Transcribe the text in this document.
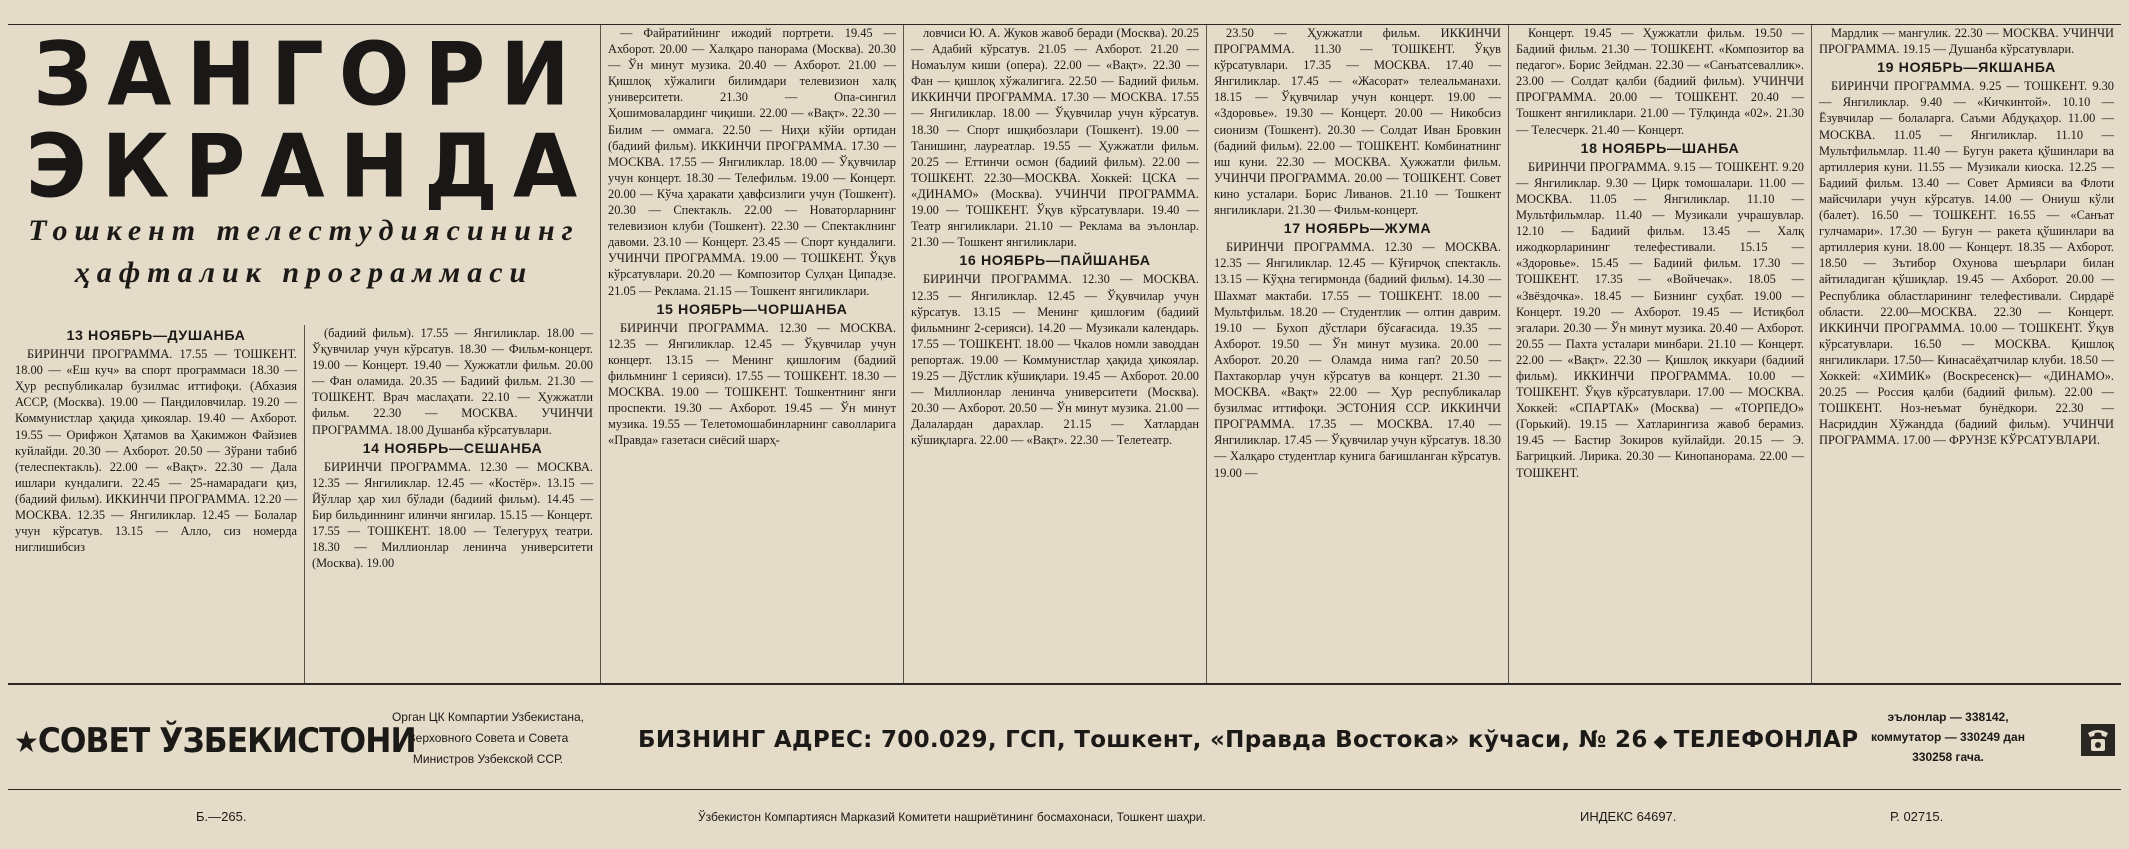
ЗАНГОРИ
ЭКРАНДА
Тошкент телестудиясининг
ҳафталик программаси

13 НОЯБРЬ—ДУШАНБА

БИРИНЧИ ПРОГРАММА. 17.55 — ТОШКЕНТ. 18.00 — «Еш куч» ва спорт программаси 18.30 — Ҳур республикалар бузилмас иттифоқи. (Абхазия АССР, (Москва). 19.00 — Пандиловчилар. 19.20 — Коммунистлар ҳақида ҳикоялар. 19.40 — Ахборот. 19.55 — Орифжон Ҳатамов ва Ҳакимжон Файзиев куйлайди. 20.30 — Ахборот. 20.50 — Зўрани табиб (телеспектакль). 22.00 — «Вақт». 22.30 — Дала ишлари кундалиги. 22.45 — 25-намарадаги қиз, (бадиий фильм). ИККИНЧИ ПРОГРАММА. 12.20 — МОСКВА. 12.35 — Янгиликлар. 12.45 — Болалар учун кўрсатув. 13.15 — Алло, сиз номерда ниглишибсиз

(бадиий фильм). 17.55 — Янгиликлар. 18.00 — Ўқувчилар учун кўрсатув. 18.30 — Фильм-концерт. 19.00 — Концерт. 19.40 — Хужжатли фильм. 20.00 — Фан оламида. 20.35 — Бадиий фильм. 21.30 — ТОШКЕНТ. Врач маслаҳати. 22.10 — Ҳужжатли фильм. 22.30 — МОСКВА. УЧИНЧИ ПРОГРАММА. 18.00 Душанба кўрсатувлари.

14 НОЯБРЬ—СЕШАНБА

БИРИНЧИ ПРОГРАММА. 12.30 — МОСКВА. 12.35 — Янгиликлар. 12.45 — «Костёр». 13.15 — Йўллар ҳар хил бўлади (бадиий фильм). 14.45 — Бир бильдиннинг илинчи янгилар. 15.15 — Концерт. 17.55 — ТОШКЕНТ. 18.00 — Телегуруҳ театри. 18.30 — Миллионлар ленинча университети (Москва). 19.00

— Файратийнинг ижодий портрети. 19.45 — Ахборот. 20.00 — Халқаро панорама (Москва). 20.30 — Ўн минут музика. 20.40 — Ахборот. 21.00 — Қишлоқ хўжалиги билимдари телевизион халқ университети. 21.30 — Опа-сингил Ҳошимовалардинг чиқиши. 22.00 — «Вақт». 22.30 — Билим — оммага. 22.50 — Ниҳи кўйи ортидан (бадиий фильм). ИККИНЧИ ПРОГРАММА. 17.30 — МОСКВА. 17.55 — Янгиликлар. 18.00 — Ўқувчилар учун концерт. 18.30 — Телефильм. 19.00 — Концерт. 20.00 — Кўча ҳаракати ҳавфсизлиги учун (Тошкент). 20.30 — Спектакль. 22.00 — Новаторларнинг телевизион клуби (Тошкент). 22.30 — Спектаклнинг давоми. 23.10 — Концерт. 23.45 — Спорт кундалиги. УЧИНЧИ ПРОГРАММА. 19.00 — ТОШКЕНТ. Ўқув кўрсатувлари. 20.20 — Композитор Сулҳан Ципадзе. 21.05 — Реклама. 21.15 — Тошкент янгиликлари.

15 НОЯБРЬ—ЧОРШАНБА

БИРИНЧИ ПРОГРАММА. 12.30 — МОСКВА. 12.35 — Янгиликлар. 12.45 — Ўқувчилар учун концерт. 13.15 — Менинг қишлоғим (бадиий фильмнинг 1 серияси). 17.55 — ТОШКЕНТ. 18.30 — МОСКВА. 19.00 — ТОШКЕНТ. Тошкентнинг янги проспекти. 19.30 — Ахборот. 19.45 — Ўн минут музика. 19.55 — Телетомошабинларнинг саволларига «Правда» газетаси сиёсий шарҳ-

ловчиси Ю. А. Жуков жавоб беради (Москва). 20.25 — Адабий кўрсатув. 21.05 — Ахборот. 21.20 — Номаълум киши (опера). 22.00 — «Вақт». 22.30 — Фан — қишлоқ хўжалигига. 22.50 — Бадиий фильм. ИККИНЧИ ПРОГРАММА. 17.30 — МОСКВА. 17.55 — Янгиликлар. 18.00 — Ўқувчилар учун кўрсатув. 18.30 — Спорт ишқибозлари (Тошкент). 19.00 — Танишинг, лауреатлар. 19.55 — Ҳужжатли фильм. 20.25 — Еттинчи осмон (бадиий фильм). 22.00 — ТОШКЕНТ. 22.30—МОСКВА. Хоккей: ЦСКА — «ДИНАМО» (Москва). УЧИНЧИ ПРОГРАММА. 19.00 — ТОШКЕНТ. Ўқув кўрсатувлари. 19.40 — Театр янгиликлари. 21.10 — Реклама ва эълонлар. 21.30 — Тошкент янгиликлари.

16 НОЯБРЬ—ПАЙШАНБА

БИРИНЧИ ПРОГРАММА. 12.30 — МОСКВА. 12.35 — Янгиликлар. 12.45 — Ўқувчилар учун кўрсатув. 13.15 — Менинг қишлоғим (бадиий фильмнинг 2-серияси). 14.20 — Музикали календарь. 17.55 — ТОШКЕНТ. 18.00 — Чкалов номли заводдан репортаж. 19.00 — Коммунистлар ҳақида ҳикоялар. 19.25 — Дўстлик кўшиқлари. 19.45 — Ахборот. 20.00 — Миллионлар ленинча университети (Москва). 20.30 — Ахборот. 20.50 — Ўн минут музика. 21.00 — Далалардан дарахлар. 21.15 — Хатлардан кўшиқларга. 22.00 — «Вақт». 22.30 — Телетеатр.

23.50 — Ҳужжатли фильм. ИККИНЧИ ПРОГРАММА. 11.30 — ТОШКЕНТ. Ўқув кўрсатувлари. 17.35 — МОСКВА. 17.40 — Янгиликлар. 17.45 — «Жасорат» телеальманахи. 18.15 — Ўқувчилар учун концерт. 19.00 — «Здоровье». 19.30 — Концерт. 20.00 — Никобсиз сионизм (Тошкент). 20.30 — Солдат Иван Бровкин (бадиий фильм). 22.00 — ТОШКЕНТ. Комбинатнинг иш куни. 22.30 — МОСКВА. Ҳужжатли фильм. УЧИНЧИ ПРОГРАММА. 20.00 — ТОШКЕНТ. Совет кино усталари. Борис Ливанов. 21.10 — Тошкент янгиликлари. 21.30 — Фильм-концерт.

17 НОЯБРЬ—ЖУМА

БИРИНЧИ ПРОГРАММА. 12.30 — МОСКВА. 12.35 — Янгиликлар. 12.45 — Кўғирчоқ спектакль. 13.15 — Кўҳна тегирмонда (бадиий фильм). 14.30 — Шахмат мактаби. 17.55 — ТОШКЕНТ. 18.00 — Мультфильм. 18.20 — Студентлик — олтин даврим. 19.10 — Бухоп дўстлари бўсағасида. 19.35 — Ахборот. 19.50 — Ўн минут музика. 20.00 — Ахборот. 20.20 — Оламда нима гап? 20.50 — Пахтакорлар учун кўрсатув ва концерт. 21.30 — МОСКВА. «Вақт» 22.00 — Ҳур республикалар бузилмас иттифоқи. ЭСТОНИЯ ССР. ИККИНЧИ ПРОГРАММА. 17.35 — МОСКВА. 17.40 — Янгиликлар. 17.45 — Ўқувчилар учун кўрсатув. 18.30 — Халқаро студентлар кунига бағишланган кўрсатув. 19.00 —

Концерт. 19.45 — Ҳужжатли фильм. 19.50 — Бадиий фильм. 21.30 — ТОШКЕНТ. «Композитор ва педагог». Борис Зейдман. 22.30 — «Санъатсеваллик». 23.00 — Солдат қалби (бадиий фильм). УЧИНЧИ ПРОГРАММА. 20.00 — ТОШКЕНТ. 20.40 — Тошкент янгиликлари. 21.00 — Тўлқинда «02». 21.30 — Телесчерк. 21.40 — Концерт.

18 НОЯБРЬ—ШАНБА

БИРИНЧИ ПРОГРАММА. 9.15 — ТОШКЕНТ. 9.20 — Янгиликлар. 9.30 — Цирк томошалари. 11.00 — МОСКВА. 11.05 — Янгиликлар. 11.10 — Мультфильмлар. 11.40 — Музикали учрашувлар. 12.10 — Бадиий фильм. 13.45 — Халқ ижодкорларининг телефестивали. 15.15 — «Здоровье». 15.45 — Бадиий фильм. 17.30 — ТОШКЕНТ. 17.35 — «Войчечак». 18.05 — «Звёздочка». 18.45 — Бизнинг суҳбат. 19.00 — Концерт. 19.20 — Ахборот. 19.45 — Истиқбол эгалари. 20.30 — Ўн минут музика. 20.40 — Ахборот. 20.55 — Пахта усталари минбари. 21.10 — Концерт. 22.00 — «Вақт». 22.30 — Қишлоқ иккуари (бадиий фильм). ИККИНЧИ ПРОГРАММА. 10.00 — ТОШКЕНТ. Ўқув кўрсатувлари. 17.00 — МОСКВА. Хоккей: «СПАРТАК» (Москва) — «ТОРПЕДО» (Горький). 19.15 — Хатларингиза жавоб берамиз. 19.45 — Бастир Зокиров куйлайди. 20.15 — Э. Багрицкий. Лирика. 20.30 — Кинопанорама. 22.00 — ТОШКЕНТ.

Мардлик — мангулик. 22.30 — МОСКВА. УЧИНЧИ ПРОГРАММА. 19.15 — Душанба кўрсатувлари.

19 НОЯБРЬ—ЯКШАНБА

БИРИНЧИ ПРОГРАММА. 9.25 — ТОШКЕНТ. 9.30 — Янгиликлар. 9.40 — «Кичкинтой». 10.10 — Ёзувчилар — болаларга. Саъми Абдуқаҳор. 11.00 — МОСКВА. 11.05 — Янгиликлар. 11.10 — Мультфильмлар. 11.40 — Бугун ракета қўшинлари ва артиллерия куни. 11.55 — Музикали киоска. 12.25 — Бадиий фильм. 13.40 — Совет Армияси ва Флоти майсчилари учун кўрсатув. 14.00 — Ониуш кўли (балет). 16.50 — ТОШКЕНТ. 16.55 — «Санъат гулчамари». 17.30 — Бугун — ракета қўшинлари ва артиллерия куни. 18.00 — Концерт. 18.35 — Ахборот. 18.50 — Зътибор Охунова шеърлари билан айтиладиган қўшиқлар. 19.45 — Ахборот. 20.00 — Республика областларининг телефестивали. Сирдарё области. 22.00—МОСКВА. 22.30 — Концерт. ИККИНЧИ ПРОГРАММА. 10.00 — ТОШКЕНТ. Ўқув кўрсатувлари. 16.50 — МОСКВА. Қишлоқ янгиликлари. 17.50— Кинасаёҳатчилар клуби. 18.50 — Хоккей: «ХИМИК» (Воскресенск)— «ДИНАМО». 20.25 — Россия қалби (бадиий фильм). 22.00 — ТОШКЕНТ. Ноз-неъмат бунёдкори. 22.30 — Насриддин Хўжандда (бадиий фильм). УЧИНЧИ ПРОГРАММА. 17.00 — ФРУНЗЕ КЎРСАТУВЛАРИ.

★СОВЕТ ЎЗБЕКИСТОНИ
Орган ЦК Компартии Узбекистана,
Верховного Совета и Совета
Министров Узбекской ССР.
БИЗНИНГ АДРЕС: 700.029, ГСП, Тошкент, «Правда Востока» кўчаси, № 26 ◆ ТЕЛЕФОНЛАР
эълонлар — 338142,
коммутатор — 330249 дан
330258 гача.
Б.—265.	Ўзбекистон Компартиясн Марказий Комитети нашриётининг босмахонаси, Тошкент шаҳри.	ИНДЕКС 64697.	Р. 02715.
